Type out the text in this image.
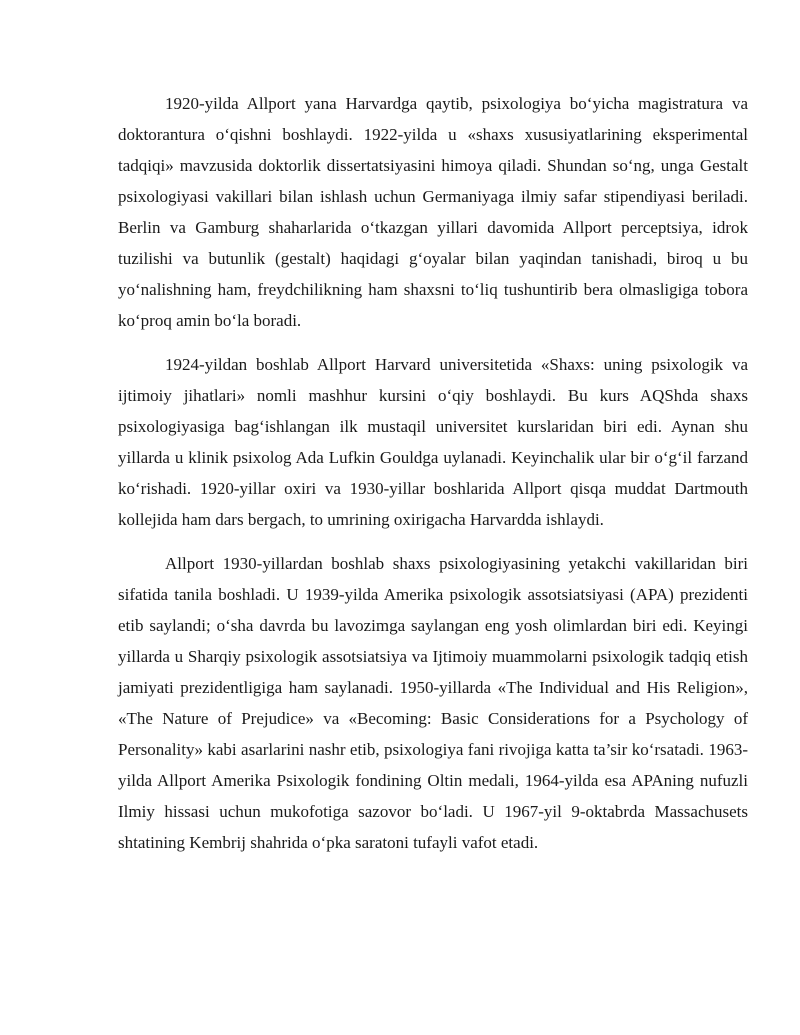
1920-yilda Allport yana Harvardga qaytib, psixologiya bo‘yicha magistratura va doktorantura o‘qishni boshlaydi. 1922-yilda u «shaxs xususiyatlarining eksperimental tadqiqi» mavzusida doktorlik dissertatsiyasini himoya qiladi. Shundan so‘ng, unga Gestalt psixologiyasi vakillari bilan ishlash uchun Germaniyaga ilmiy safar stipendiyasi beriladi. Berlin va Gamburg shaharlarida o‘tkazgan yillari davomida Allport perceptsiya, idrok tuzilishi va butunlik (gestalt) haqidagi g‘oyalar bilan yaqindan tanishadi, biroq u bu yo‘nalishning ham, freydchilikning ham shaxsni to‘liq tushuntirib bera olmasligiga tobora ko‘proq amin bo‘la boradi.

1924-yildan boshlab Allport Harvard universitetida «Shaxs: uning psixologik va ijtimoiy jihatlari» nomli mashhur kursini o‘qiy boshlaydi. Bu kurs AQShda shaxs psixologiyasiga bag‘ishlangan ilk mustaqil universitet kurslaridan biri edi. Aynan shu yillarda u klinik psixolog Ada Lufkin Gouldga uylanadi. Keyinchalik ular bir o‘g‘il farzand ko‘rishadi. 1920-yillar oxiri va 1930-yillar boshlarida Allport qisqa muddat Dartmouth kollejida ham dars bergach, to umrining oxirigacha Harvardda ishlaydi.

Allport 1930-yillardan boshlab shaxs psixologiyasining yetakchi vakillaridan biri sifatida tanila boshladi. U 1939-yilda Amerika psixologik assotsiatsiyasi (APA) prezidenti etib saylandi; o‘sha davrda bu lavozimga saylangan eng yosh olimlardan biri edi. Keyingi yillarda u Sharqiy psixologik assotsiatsiya va Ijtimoiy muammolarni psixologik tadqiq etish jamiyati prezidentligiga ham saylanadi. 1950-yillarda «The Individual and His Religion», «The Nature of Prejudice» va «Becoming: Basic Considerations for a Psychology of Personality» kabi asarlarini nashr etib, psixologiya fani rivojiga katta ta’sir ko‘rsatadi. 1963-yilda Allport Amerika Psixologik fondining Oltin medali, 1964-yilda esa APAning nufuzli Ilmiy hissasi uchun mukofotiga sazovor bo‘ladi. U 1967-yil 9-oktabrda Massachusets shtatining Kembrij shahrida o‘pka saratoni tufayli vafot etadi.
